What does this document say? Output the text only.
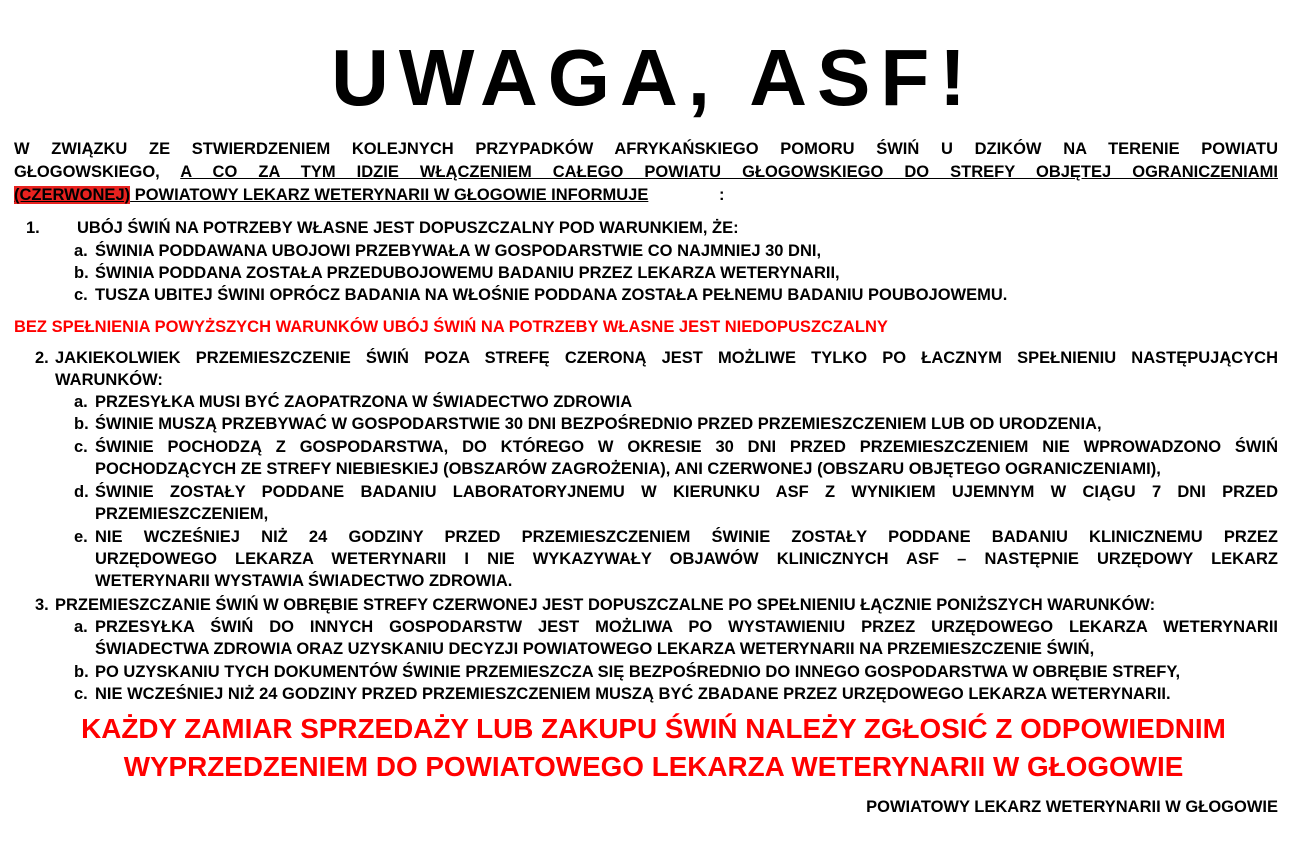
UWAGA, ASF!
W ZWIĄZKU ZE STWIERDZENIEM KOLEJNYCH PRZYPADKÓW AFRYKAŃSKIEGO POMORU ŚWIŃ U DZIKÓW NA TERENIE POWIATU
GŁOGOWSKIEGO, A CO ZA TYM IDZIE WŁĄCZENIEM CAŁEGO POWIATU GŁOGOWSKIEGO DO STREFY OBJĘTEJ OGRANICZENIAMI
(CZERWONEJ) POWIATOWY LEKARZ WETERYNARII W GŁOGOWIE INFORMUJE	:
1. UBÓJ ŚWIŃ NA POTRZEBY WŁASNE JEST DOPUSZCZALNY POD WARUNKIEM, ŻE:
a. ŚWINIA PODDAWANA UBOJOWI PRZEBYWAŁA W GOSPODARSTWIE CO NAJMNIEJ 30 DNI,
b. ŚWINIA PODDANA ZOSTAŁA PRZEDUBOJOWEMU BADANIU PRZEZ LEKARZA WETERYNARII,
c. TUSZA UBITEJ ŚWINI OPRÓCZ BADANIA NA WŁOŚNIE PODDANA ZOSTAŁA PEŁNEMU BADANIU POUBOJOWEMU.
BEZ SPEŁNIENIA POWYŻSZYCH WARUNKÓW UBÓJ ŚWIŃ NA POTRZEBY WŁASNE JEST NIEDOPUSZCZALNY
2. JAKIEKOLWIEK PRZEMIESZCZENIE ŚWIŃ POZA STREFĘ CZERONĄ JEST MOŻLIWE TYLKO PO ŁACZNYM SPEŁNIENIU NASTĘPUJĄCYCH
WARUNKÓW:
a. PRZESYŁKA MUSI BYĆ ZAOPATRZONA W ŚWIADECTWO ZDROWIA
b. ŚWINIE MUSZĄ PRZEBYWAĆ W GOSPODARSTWIE 30 DNI BEZPOŚREDNIO PRZED PRZEMIESZCZENIEM LUB OD URODZENIA,
c. ŚWINIE POCHODZĄ Z GOSPODARSTWA, DO KTÓREGO W OKRESIE 30 DNI PRZED PRZEMIESZCZENIEM NIE WPROWADZONO ŚWIŃ
POCHODZĄCYCH ZE STREFY NIEBIESKIEJ (OBSZARÓW ZAGROŻENIA), ANI CZERWONEJ (OBSZARU OBJĘTEGO OGRANICZENIAMI),
d. ŚWINIE ZOSTAŁY PODDANE BADANIU LABORATORYJNEMU W KIERUNKU ASF Z WYNIKIEM UJEMNYM W CIĄGU 7 DNI PRZED
PRZEMIESZCZENIEM,
e. NIE WCZEŚNIEJ NIŻ 24 GODZINY PRZED PRZEMIESZCZENIEM ŚWINIE ZOSTAŁY PODDANE BADANIU KLINICZNEMU PRZEZ
URZĘDOWEGO LEKARZA WETERYNARII I NIE WYKAZYWAŁY OBJAWÓW KLINICZNYCH ASF – NASTĘPNIE URZĘDOWY LEKARZ
WETERYNARII WYSTAWIA ŚWIADECTWO ZDROWIA.
3. PRZEMIESZCZANIE ŚWIŃ W OBRĘBIE STREFY CZERWONEJ JEST DOPUSZCZALNE PO SPEŁNIENIU ŁĄCZNIE PONIŻSZYCH WARUNKÓW:
a. PRZESYŁKA ŚWIŃ DO INNYCH GOSPODARSTW JEST MOŻLIWA PO WYSTAWIENIU PRZEZ URZĘDOWEGO LEKARZA WETERYNARII
ŚWIADECTWA ZDROWIA ORAZ UZYSKANIU DECYZJI POWIATOWEGO LEKARZA WETERYNARII NA PRZEMIESZCZENIE ŚWIŃ,
b. PO UZYSKANIU TYCH DOKUMENTÓW ŚWINIE PRZEMIESZCZA SIĘ BEZPOŚREDNIO DO INNEGO GOSPODARSTWA W OBRĘBIE STREFY,
c. NIE WCZEŚNIEJ NIŻ 24 GODZINY PRZED PRZEMIESZCZENIEM MUSZĄ BYĆ ZBADANE PRZEZ URZĘDOWEGO LEKARZA WETERYNARII.
KAŻDY ZAMIAR SPRZEDAŻY LUB ZAKUPU ŚWIŃ NALEŻY ZGŁOSIĆ Z ODPOWIEDNIM
WYPRZEDZENIEM DO POWIATOWEGO LEKARZA WETERYNARII W GŁOGOWIE
POWIATOWY LEKARZ WETERYNARII W GŁOGOWIE
